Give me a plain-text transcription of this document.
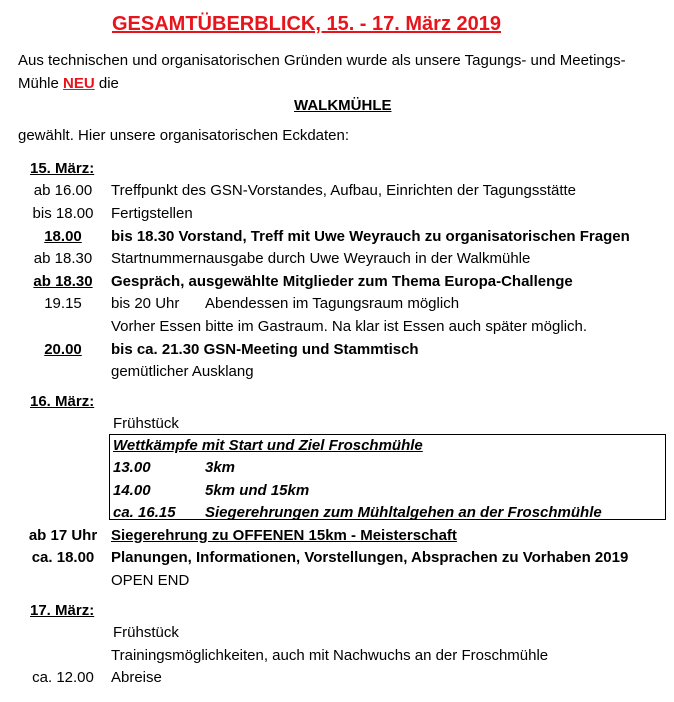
GESAMTÜBERBLICK, 15. - 17. März 2019
Aus technischen und organisatorischen Gründen wurde als unsere Tagungs- und Meetings-
Mühle NEU die
WALKMÜHLE
gewählt. Hier unsere organisatorischen Eckdaten:
15. März:
ab 16.00	Treffpunkt des GSN-Vorstandes, Aufbau, Einrichten der Tagungsstätte
bis 18.00	Fertigstellen
18.00	bis 18.30 Vorstand, Treff mit Uwe Weyrauch zu organisatorischen Fragen
ab 18.30	Startnummernausgabe durch Uwe Weyrauch in der Walkmühle
ab 18.30	Gespräch, ausgewählte Mitglieder zum Thema Europa-Challenge
19.15	bis 20 Uhr Abendessen im Tagungsraum möglich
Vorher Essen bitte im Gastraum. Na klar ist Essen auch später möglich.
20.00	bis ca. 21.30 GSN-Meeting und Stammtisch
gemütlicher Ausklang
16. März:
Frühstück
Wettkämpfe mit Start und Ziel Froschmühle
13.00	3km
14.00	5km und 15km
ca. 16.15 Siegerehrungen zum Mühltalgehen an der Froschmühle
ab 17 Uhr Siegerehrung zu OFFENEN 15km - Meisterschaft
ca. 18.00	Planungen, Informationen, Vorstellungen, Absprachen zu Vorhaben 2019
OPEN END
17. März:
Frühstück
Trainingsmöglichkeiten, auch mit Nachwuchs an der Froschmühle
ca. 12.00	Abreise
